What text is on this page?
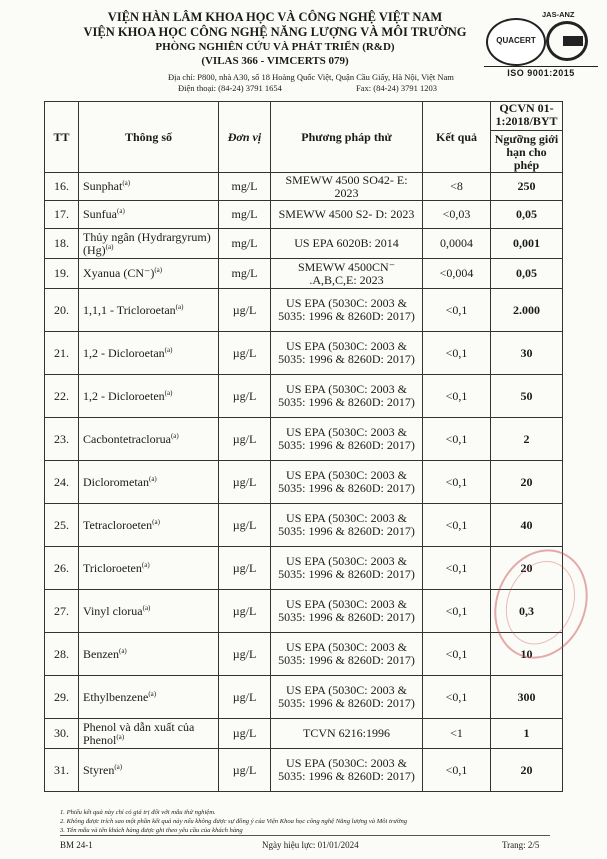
VIỆN HÀN LÂM KHOA HỌC VÀ CÔNG NGHỆ VIỆT NAM
VIỆN KHOA HỌC CÔNG NGHỆ NĂNG LƯỢNG VÀ MÔI TRƯỜNG
PHÒNG NGHIÊN CỨU VÀ PHÁT TRIỂN (R&D)
(VILAS 366 - VIMCERTS 079)
Địa chỉ: P800, nhà A30, số 18 Hoàng Quốc Việt, Quận Cầu Giấy, Hà Nội, Việt Nam
Điện thoại: (84-24) 3791 1654	Fax: (84-24) 3791 1203
QUACERT
JAS-ANZ
ISO 9001:2015
TT	Thông số	Đơn vị	Phương pháp thử	Kết quả	QCVN 01-
1:2018/BYT
Ngưỡng giới
hạn cho phép

16.	Sunphat$^{(a)}$	mg/L	SMEWW 4500 SO42- E: 2023	<8	250
17.	Sunfua$^{(a)}$	mg/L	SMEWW 4500 S2- D: 2023	<0,03	0,05
18.	Thủy ngân (Hydrargyrum) $(Hg)^{(a)}$	mg/L	US EPA 6020B: 2014	0,0004	0,001
19.	Xyanua $(CN^-)^{(a)}$	mg/L	SMEWW 4500CN⁻ .A,B,C,E: 2023	<0,004	0,05
20.	1,1,1 - Tricloroetan$^{(a)}$	µg/L	US EPA (5030C: 2003 & 5035: 1996 & 8260D: 2017)	<0,1	2.000
21.	1,2 - Dicloroetan$^{(a)}$	µg/L	US EPA (5030C: 2003 & 5035: 1996 & 8260D: 2017)	<0,1	30
22.	1,2 - Dicloroeten$^{(a)}$	µg/L	US EPA (5030C: 2003 & 5035: 1996 & 8260D: 2017)	<0,1	50
23.	Cacbontetraclorua$^{(a)}$	µg/L	US EPA (5030C: 2003 & 5035: 1996 & 8260D: 2017)	<0,1	2
24.	Diclorometan$^{(a)}$	µg/L	US EPA (5030C: 2003 & 5035: 1996 & 8260D: 2017)	<0,1	20
25.	Tetracloroeten$^{(a)}$	µg/L	US EPA (5030C: 2003 & 5035: 1996 & 8260D: 2017)	<0,1	40
26.	Tricloroeten$^{(a)}$	µg/L	US EPA (5030C: 2003 & 5035: 1996 & 8260D: 2017)	<0,1	20
27.	Vinyl clorua$^{(a)}$	µg/L	US EPA (5030C: 2003 & 5035: 1996 & 8260D: 2017)	<0,1	0,3
28.	Benzen$^{(a)}$	µg/L	US EPA (5030C: 2003 & 5035: 1996 & 8260D: 2017)	<0,1	10
29.	Ethylbenzene$^{(a)}$	µg/L	US EPA (5030C: 2003 & 5035: 1996 & 8260D: 2017)	<0,1	300
30.	Phenol và dẫn xuất của Phenol$^{(a)}$	µg/L	TCVN 6216:1996	<1	1
31.	Styren$^{(a)}$	µg/L	US EPA (5030C: 2003 & 5035: 1996 & 8260D: 2017)	<0,1	20
1. Phiếu kết quả này chỉ có giá trị đối với mẫu thử nghiệm.
2. Không được trích sao một phần kết quả này nếu không được sự đồng ý của Viện Khoa học công nghệ Năng lượng và Môi trường
3. Tên mẫu và tên khách hàng được ghi theo yêu cầu của khách hàng
BM 24-1	Ngày hiệu lực: 01/01/2024	Trang: 2/5
